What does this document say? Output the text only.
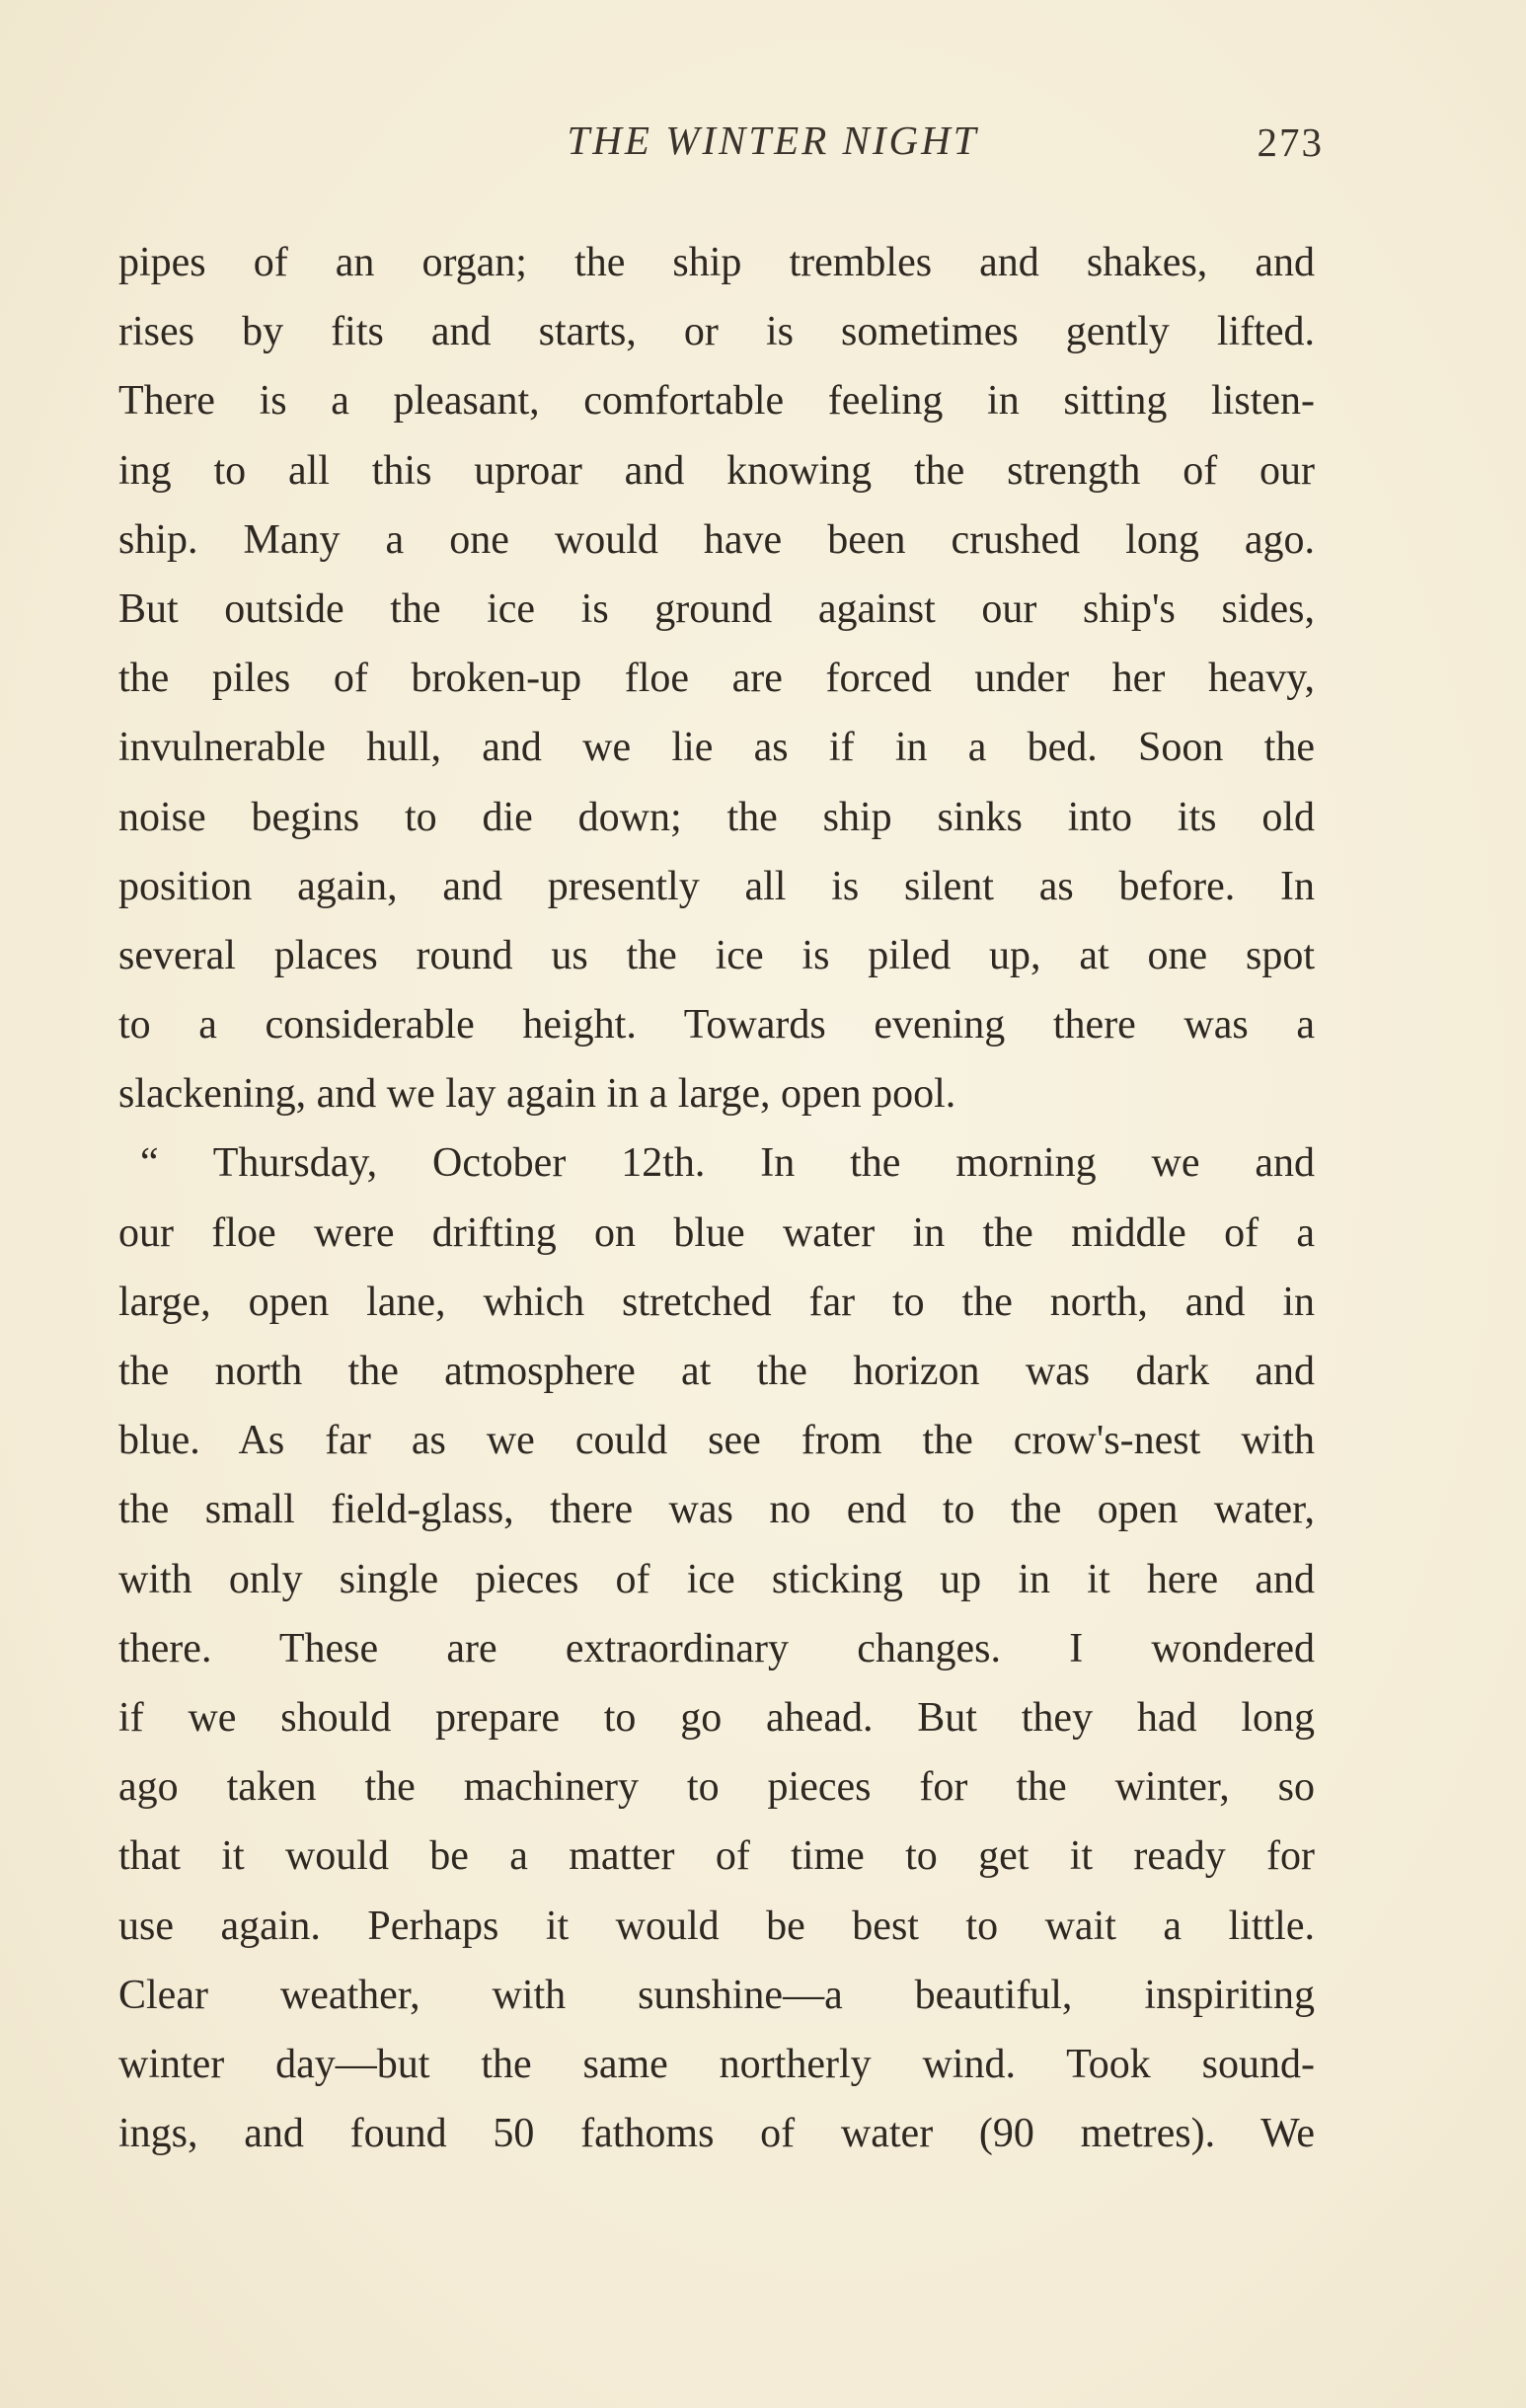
THE WINTER NIGHT	273
pipes of an organ; the ship trembles and shakes, and
rises by fits and starts, or is sometimes gently lifted.
There is a pleasant, comfortable feeling in sitting listen-
ing to all this uproar and knowing the strength of our
ship. Many a one would have been crushed long ago.
But outside the ice is ground against our ship's sides,
the piles of broken-up floe are forced under her heavy,
invulnerable hull, and we lie as if in a bed. Soon the
noise begins to die down; the ship sinks into its old
position again, and presently all is silent as before. In
several places round us the ice is piled up, at one spot
to a considerable height. Towards evening there was a
slackening, and we lay again in a large, open pool.
“ Thursday, October 12th. In the morning we and
our floe were drifting on blue water in the middle of a
large, open lane, which stretched far to the north, and in
the north the atmosphere at the horizon was dark and
blue. As far as we could see from the crow's-nest with
the small field-glass, there was no end to the open water,
with only single pieces of ice sticking up in it here and
there. These are extraordinary changes. I wondered
if we should prepare to go ahead. But they had long
ago taken the machinery to pieces for the winter, so
that it would be a matter of time to get it ready for
use again. Perhaps it would be best to wait a little.
Clear weather, with sunshine—a beautiful, inspiriting
winter day—but the same northerly wind. Took sound-
ings, and found 50 fathoms of water (90 metres). We
